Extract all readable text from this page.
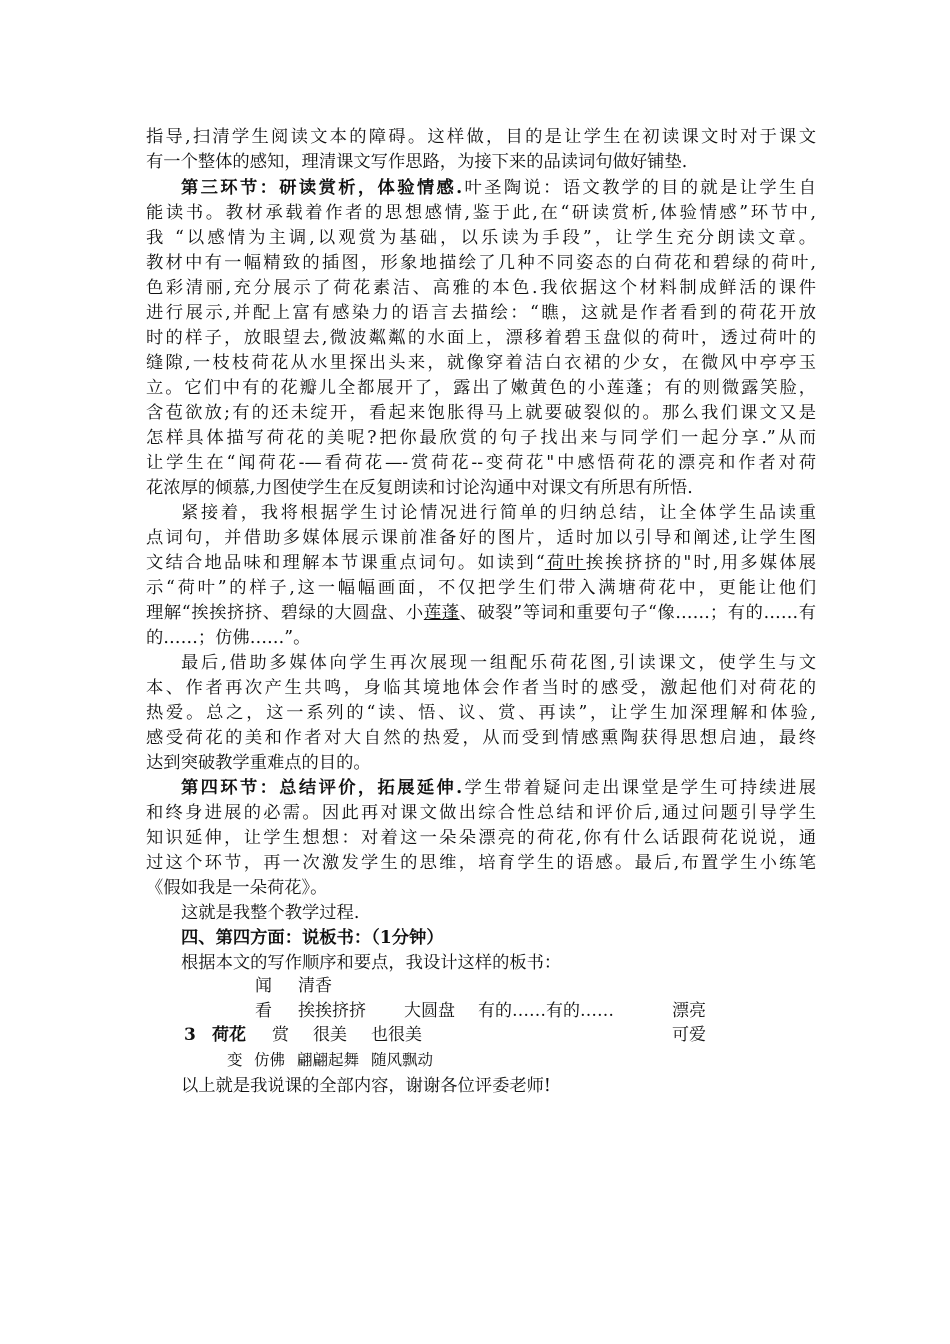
指导,扫清学生阅读文本的障碍。这样做，目的是让学生在初读课文时对于课文
有一个整体的感知，理清课文写作思路，为接下来的品读词句做好铺垫.
第三环节：研读赏析，体验情感.叶圣陶说：语文教学的目的就是让学生自
能读书。教材承载着作者的思想感情,鉴于此,在“研读赏析,体验情感”环节中,
我 “以感情为主调,以观赏为基础，以乐读为手段”，让学生充分朗读文章。
教材中有一幅精致的插图，形象地描绘了几种不同姿态的白荷花和碧绿的荷叶,
色彩清丽,充分展示了荷花素洁、高雅的本色.我依据这个材料制成鲜活的课件
进行展示,并配上富有感染力的语言去描绘：“瞧，这就是作者看到的荷花开放
时的样子，放眼望去,微波粼粼的水面上，漂移着碧玉盘似的荷叶，透过荷叶的
缝隙,一枝枝荷花从水里探出头来，就像穿着洁白衣裙的少女，在微风中亭亭玉
立。它们中有的花瓣儿全都展开了，露出了嫩黄色的小莲蓬；有的则微露笑脸，
含苞欲放;有的还未绽开，看起来饱胀得马上就要破裂似的。那么我们课文又是
怎样具体描写荷花的美呢?把你最欣赏的句子找出来与同学们一起分享.”从而
让学生在“闻荷花-—看荷花—-赏荷花--变荷花"中感悟荷花的漂亮和作者对荷
花浓厚的倾慕,力图使学生在反复朗读和讨论沟通中对课文有所思有所悟.
紧接着，我将根据学生讨论情况进行简单的归纳总结，让全体学生品读重
点词句，并借助多媒体展示课前准备好的图片，适时加以引导和阐述,让学生图
文结合地品味和理解本节课重点词句。如读到“荷叶挨挨挤挤的"时,用多媒体展
示“荷叶”的样子,这一幅幅画面，不仅把学生们带入满塘荷花中，更能让他们
理解“挨挨挤挤、碧绿的大圆盘、小莲蓬、破裂”等词和重要句子“像……；有的……有
的……；仿佛……”。
最后,借助多媒体向学生再次展现一组配乐荷花图,引读课文，使学生与文
本、作者再次产生共鸣，身临其境地体会作者当时的感受，激起他们对荷花的
热爱。总之，这一系列的“读、悟、议、赏、再读”，让学生加深理解和体验,
感受荷花的美和作者对大自然的热爱，从而受到情感熏陶获得思想启迪，最终
达到突破教学重难点的目的。
第四环节：总结评价，拓展延伸.学生带着疑问走出课堂是学生可持续进展
和终身进展的必需。因此再对课文做出综合性总结和评价后,通过问题引导学生
知识延伸，让学生想想：对着这一朵朵漂亮的荷花,你有什么话跟荷花说说，通
过这个环节，再一次激发学生的思维，培育学生的语感。最后,布置学生小练笔
《假如我是一朵荷花》。
这就是我整个教学过程.
四、第四方面：说板书：（1分钟）
根据本文的写作顺序和要点，我设计这样的板书：
闻 清香
看 挨挨挤挤 大圆盘 有的……有的……	漂亮
3 荷花 赏 很美 也很美	可爱
变 仿佛 翩翩起舞 随风飘动
以上就是我说课的全部内容，谢谢各位评委老师!
